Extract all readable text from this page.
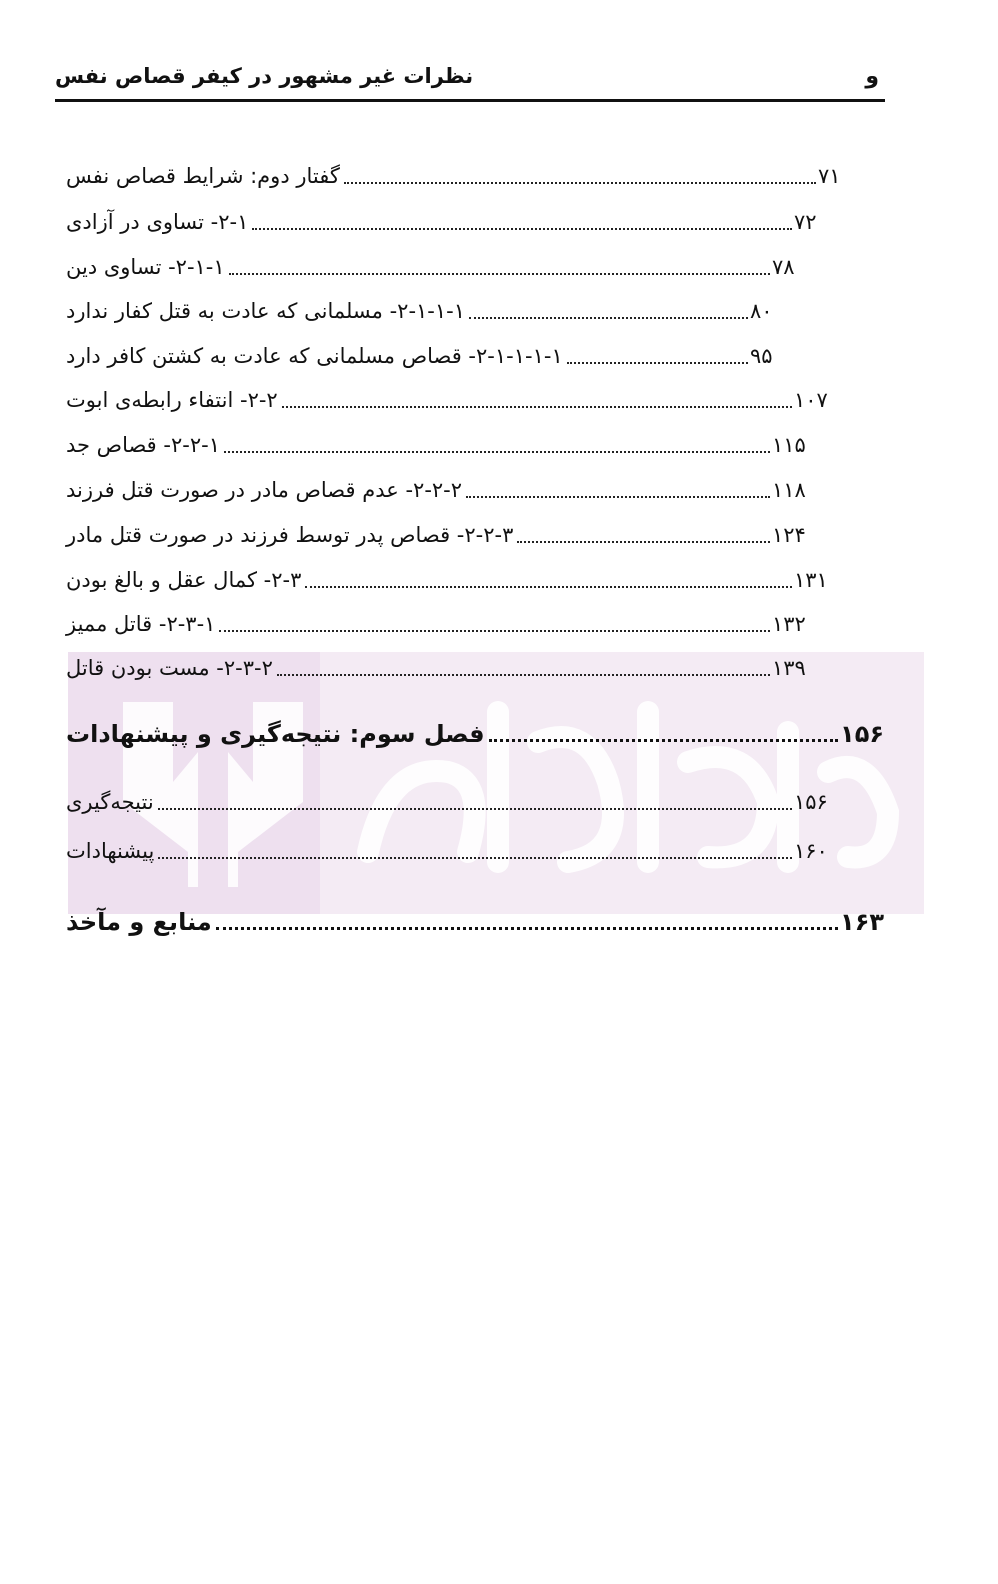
و
نظرات غیر مشهور در کیفر قصاص نفس
گفتار دوم: شرایط قصاص نفس	۷۱
۲-۱- تساوی در آزادی	۷۲
۲-۱-۱- تساوی دین	۷۸
۲-۱-۱-۱- مسلمانی که عادت به قتل کفار ندارد	۸۰
۲-۱-۱-۱-۱- قصاص مسلمانی که عادت به کشتن کافر دارد	۹۵
۲-۲- انتفاء رابطه‌ی ابوت	۱۰۷
۲-۲-۱- قصاص جد	۱۱۵
۲-۲-۲- عدم قصاص مادر در صورت قتل فرزند	۱۱۸
۲-۲-۳- قصاص پدر توسط فرزند در صورت قتل مادر	۱۲۴
۲-۳- کمال عقل و بالغ بودن	۱۳۱
۲-۳-۱- قاتل ممیز	۱۳۲
۲-۳-۲- مست بودن قاتل	۱۳۹
فصل سوم: نتیجه‌گیری و پیشنهادات	۱۵۶
نتیجه‌گیری	۱۵۶
پیشنهادات	۱۶۰
منابع و مآخذ	۱۶۳
